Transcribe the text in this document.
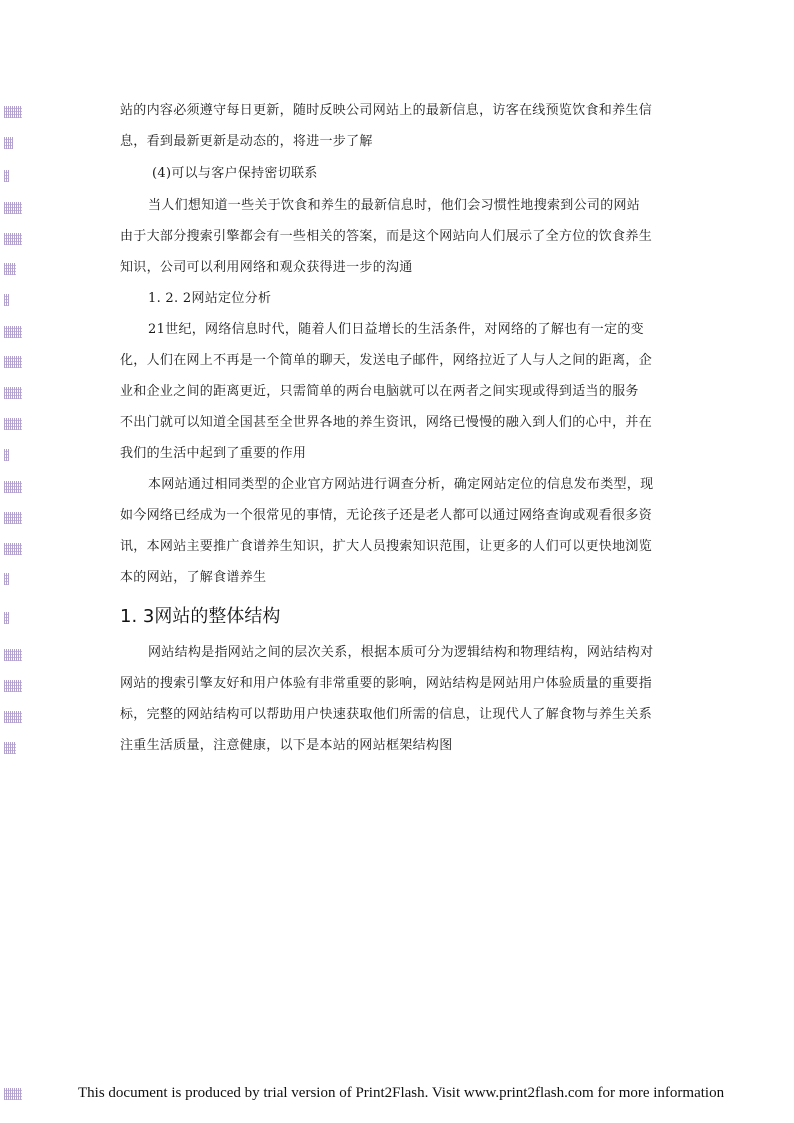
站的内容必须遵守每日更新，随时反映公司网站上的最新信息，访客在线预览饮食和养生信
息，看到最新更新是动态的，将进一步了解
(4)可以与客户保持密切联系
当人们想知道一些关于饮食和养生的最新信息时，他们会习惯性地搜索到公司的网站
由于大部分搜索引擎都会有一些相关的答案，而是这个网站向人们展示了全方位的饮食养生
知识，公司可以利用网络和观众获得进一步的沟通
1. 2. 2网站定位分析
21世纪，网络信息时代，随着人们日益增长的生活条件，对网络的了解也有一定的变
化，人们在网上不再是一个简单的聊天，发送电子邮件，网络拉近了人与人之间的距离，企
业和企业之间的距离更近，只需简单的两台电脑就可以在两者之间实现或得到适当的服务
不出门就可以知道全国甚至全世界各地的养生资讯，网络已慢慢的融入到人们的心中，并在
我们的生活中起到了重要的作用
本网站通过相同类型的企业官方网站进行调查分析，确定网站定位的信息发布类型，现
如今网络已经成为一个很常见的事情，无论孩子还是老人都可以通过网络查询或观看很多资
讯，本网站主要推广食谱养生知识，扩大人员搜索知识范围，让更多的人们可以更快地浏览
本的网站，了解食谱养生
1. 3网站的整体结构
网站结构是指网站之间的层次关系，根据本质可分为逻辑结构和物理结构，网站结构对
网站的搜索引擎友好和用户体验有非常重要的影响，网站结构是网站用户体验质量的重要指
标，完整的网站结构可以帮助用户快速获取他们所需的信息，让现代人了解食物与养生关系
注重生活质量，注意健康，以下是本站的网站框架结构图
This document is produced by trial version of Print2Flash. Visit www.print2flash.com for more information
